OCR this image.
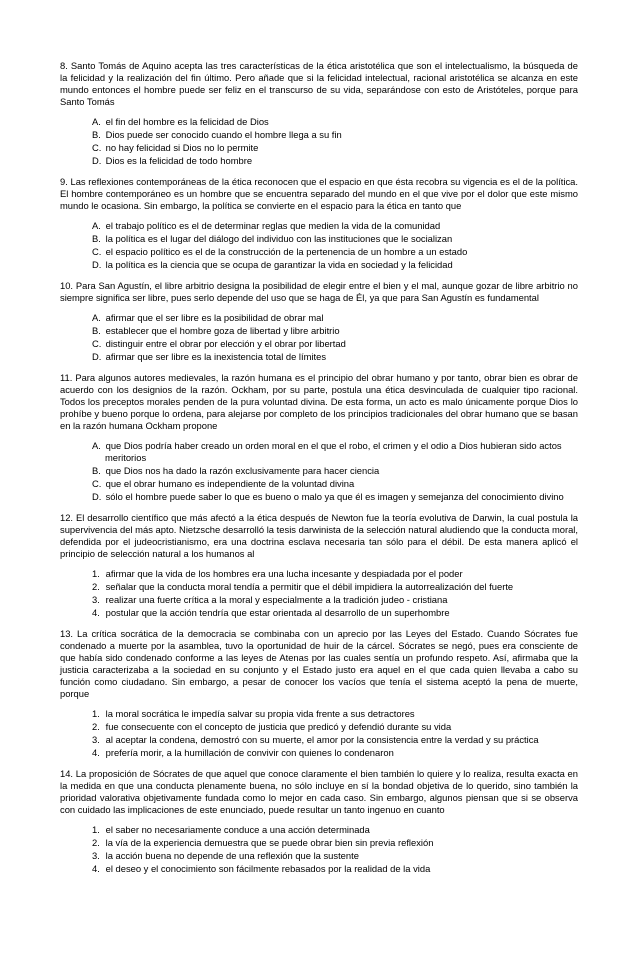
8. Santo Tomás de Aquino acepta las tres características de la ética aristotélica que son el intelectualismo, la búsqueda de la felicidad y la realización del fin último. Pero añade que si la felicidad intelectual, racional aristotélica se alcanza en este mundo entonces el hombre puede ser feliz en el transcurso de su vida, separándose con esto de Aristóteles, porque para Santo Tomás

A. el fin del hombre es la felicidad de Dios
B. Dios puede ser conocido cuando el hombre llega a su fin
C. no hay felicidad si Dios no lo permite
D. Dios es la felicidad de todo hombre

9. Las reflexiones contemporáneas de la ética reconocen que el espacio en que ésta recobra su vigencia es el de la política. El hombre contemporáneo es un hombre que se encuentra separado del mundo en el que vive por el dolor que este mismo mundo le ocasiona. Sin embargo, la política se convierte en el espacio para la ética en tanto que

A. el trabajo político es el de determinar reglas que medien la vida de la comunidad
B. la política es el lugar del diálogo del individuo con las instituciones que le socializan
C. el espacio político es el de la construcción de la pertenencia de un hombre a un estado
D. la política es la ciencia que se ocupa de garantizar la vida en sociedad y la felicidad

10. Para San Agustín, el libre arbitrio designa la posibilidad de elegir entre el bien y el mal, aunque gozar de libre arbitrio no siempre significa ser libre, pues serlo depende del uso que se haga de Él, ya que para San Agustín es fundamental

A. afirmar que el ser libre es la posibilidad de obrar mal
B. establecer que el hombre goza de libertad y libre arbitrio
C. distinguir entre el obrar por elección y el obrar por libertad
D. afirmar que ser libre es la inexistencia total de límites

11. Para algunos autores medievales, la razón humana es el principio del obrar humano y por tanto, obrar bien es obrar de acuerdo con los designios de la razón. Ockham, por su parte, postula una ética desvinculada de cualquier tipo racional. Todos los preceptos morales penden de la pura voluntad divina. De esta forma, un acto es malo únicamente porque Dios lo prohíbe y bueno porque lo ordena, para alejarse por completo de los principios tradicionales del obrar humano que se basan en la razón humana Ockham propone

A. que Dios podría haber creado un orden moral en el que el robo, el crimen y el odio a Dios hubieran sido actos meritorios
B. que Dios nos ha dado la razón exclusivamente para hacer ciencia
C. que el obrar humano es independiente de la voluntad divina
D. sólo el hombre puede saber lo que es bueno o malo ya que él es imagen y semejanza del conocimiento divino

12. El desarrollo científico que más afectó a la ética después de Newton fue la teoría evolutiva de Darwin, la cual postula la supervivencia del más apto. Nietzsche desarrolló la tesis darwinista de la selección natural aludiendo que la conducta moral, defendida por el judeocristianismo, era una doctrina esclava necesaria tan sólo para el débil. De esta manera aplicó el principio de selección natural a los humanos al

1. afirmar que la vida de los hombres era una lucha incesante y despiadada por el poder
2. señalar que la conducta moral tendía a permitir que el débil impidiera la autorrealización del fuerte
3. realizar una fuerte crítica a la moral y especialmente a la tradición judeo - cristiana
4. postular que la acción tendría que estar orientada al desarrollo de un superhombre

13. La crítica socrática de la democracia se combinaba con un aprecio por las Leyes del Estado. Cuando Sócrates fue condenado a muerte por la asamblea, tuvo la oportunidad de huir de la cárcel. Sócrates se negó, pues era consciente de que había sido condenado conforme a las leyes de Atenas por las cuales sentía un profundo respeto. Así, afirmaba que la justicia caracterizaba a la sociedad en su conjunto y el Estado justo era aquel en el que cada quien llevaba a cabo su función como ciudadano. Sin embargo, a pesar de conocer los vacíos que tenía el sistema aceptó la pena de muerte, porque

1. la moral socrática le impedía salvar su propia vida frente a sus detractores
2. fue consecuente con el concepto de justicia que predicó y defendió durante su vida
3. al aceptar la condena, demostró con su muerte, el amor por la consistencia entre la verdad y su práctica
4. prefería morir, a la humillación de convivir con quienes lo condenaron

14. La proposición de Sócrates de que aquel que conoce claramente el bien también lo quiere y lo realiza, resulta exacta en la medida en que una conducta plenamente buena, no sólo incluye en sí la bondad objetiva de lo querido, sino también la prioridad valorativa objetivamente fundada como lo mejor en cada caso. Sin embargo, algunos piensan que si se observa con cuidado las implicaciones de este enunciado, puede resultar un tanto ingenuo en cuanto

1. el saber no necesariamente conduce a una acción determinada
2. la vía de la experiencia demuestra que se puede obrar bien sin previa reflexión
3. la acción buena no depende de una reflexión que la sustente
4. el deseo y el conocimiento son fácilmente rebasados por la realidad de la vida
